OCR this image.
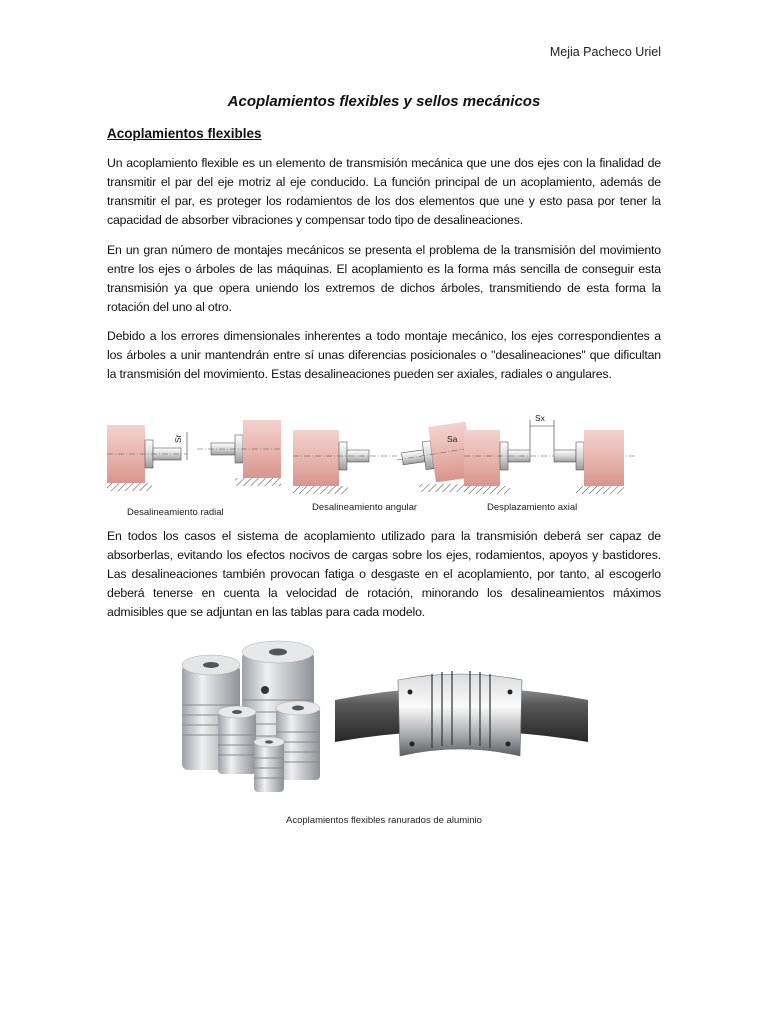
Mejia Pacheco Uriel
Acoplamientos flexibles y sellos mecánicos
Acoplamientos flexibles

Un acoplamiento flexible es un elemento de transmisión mecánica que une dos ejes con la finalidad de transmitir el par del eje motriz al eje conducido. La función principal de un acoplamiento, además de transmitir el par, es proteger los rodamientos de los dos elementos que une y esto pasa por tener la capacidad de absorber vibraciones y compensar todo tipo de desalineaciones.

En un gran número de montajes mecánicos se presenta el problema de la transmisión del movimiento entre los ejes o árboles de las máquinas. El acoplamiento es la forma más sencilla de conseguir esta transmisión ya que opera uniendo los extremos de dichos árboles, transmitiendo de esta forma la rotación del uno al otro.

Debido a los errores dimensionales inherentes a todo montaje mecánico, los ejes correspondientes a los árboles a unir mantendrán entre sí unas diferencias posicionales o "desalineaciones" que dificultan la transmisión del movimiento. Estas desalineaciones pueden ser axiales, radiales o angulares.

Sr
Desalineamiento radial
Sa
Desalineamiento angular
Sx
Desplazamiento axial

En todos los casos el sistema de acoplamiento utilizado para la transmisión deberá ser capaz de absorberlas, evitando los efectos nocivos de cargas sobre los ejes, rodamientos, apoyos y bastidores. Las desalineaciones también provocan fatiga o desgaste en el acoplamiento, por tanto, al escogerlo deberá tenerse en cuenta la velocidad de rotación, minorando los desalineamientos máximos admisibles que se adjuntan en las tablas para cada modelo.

Acoplamientos flexibles ranurados de aluminio
